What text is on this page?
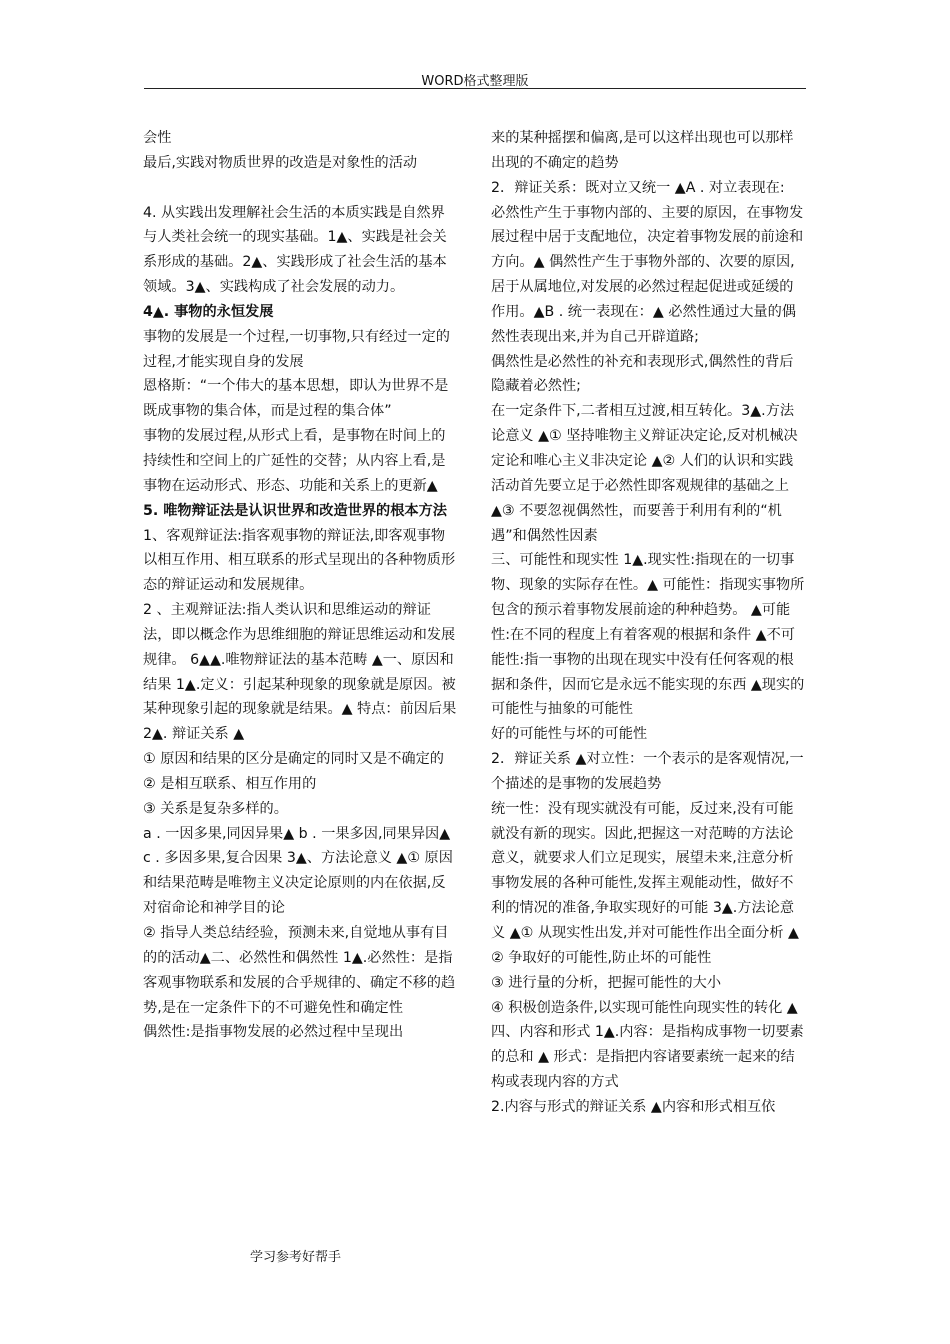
WORD格式整理版

会性

最后,实践对物质世界的改造是对象性的活动

4. 从实践出发理解社会生活的本质实践是自然界与人类社会统一的现实基础。1▲、实践是社会关系形成的基础。2▲、实践形成了社会生活的基本领域。3▲、实践构成了社会发展的动力。

4▲. 事物的永恒发展

事物的发展是一个过程,一切事物,只有经过一定的过程,才能实现自身的发展

恩格斯：“一个伟大的基本思想，即认为世界不是既成事物的集合体，而是过程的集合体”

事物的发展过程,从形式上看，是事物在时间上的持续性和空间上的广延性的交替；从内容上看,是事物在运动形式、形态、功能和关系上的更新▲

5. 唯物辩证法是认识世界和改造世界的根本方法

1、客观辩证法:指客观事物的辩证法,即客观事物以相互作用、相互联系的形式呈现出的各种物质形态的辩证运动和发展规律。

2 、主观辩证法:指人类认识和思维运动的辩证法，即以概念作为思维细胞的辩证思维运动和发展规律。 6▲▲.唯物辩证法的基本范畴 ▲一、原因和结果 1▲.定义：引起某种现象的现象就是原因。被某种现象引起的现象就是结果。▲ 特点：前因后果 2▲. 辩证关系 ▲

① 原因和结果的区分是确定的同时又是不确定的

② 是相互联系、相互作用的

③ 关系是复杂多样的。

a . 一因多果,同因异果▲ b . 一果多因,同果异因▲ c . 多因多果,复合因果 3▲、方法论意义 ▲① 原因和结果范畴是唯物主义决定论原则的内在依据,反对宿命论和神学目的论

② 指导人类总结经验，预测未来,自觉地从事有目的的活动▲二、必然性和偶然性 1▲.必然性：是指客观事物联系和发展的合乎规律的、确定不移的趋势,是在一定条件下的不可避免性和确定性

偶然性:是指事物发展的必然过程中呈现出

来的某种摇摆和偏离,是可以这样出现也可以那样出现的不确定的趋势

2．辩证关系：既对立又统一 ▲A . 对立表现在:

必然性产生于事物内部的、主要的原因，在事物发展过程中居于支配地位，决定着事物发展的前途和方向。▲ 偶然性产生于事物外部的、次要的原因,居于从属地位,对发展的必然过程起促进或延缓的作用。▲B . 统一表现在：▲ 必然性通过大量的偶然性表现出来,并为自己开辟道路;

偶然性是必然性的补充和表现形式,偶然性的背后隐藏着必然性;

在一定条件下,二者相互过渡,相互转化。3▲.方法论意义 ▲① 坚持唯物主义辩证决定论,反对机械决定论和唯心主义非决定论 ▲② 人们的认识和实践活动首先要立足于必然性即客观规律的基础之上 ▲③ 不要忽视偶然性，而要善于利用有利的“机遇”和偶然性因素

三、可能性和现实性 1▲.现实性:指现在的一切事物、现象的实际存在性。▲ 可能性：指现实事物所包含的预示着事物发展前途的种种趋势。 ▲可能性:在不同的程度上有着客观的根据和条件 ▲不可能性:指一事物的出现在现实中没有任何客观的根据和条件，因而它是永远不能实现的东西 ▲现实的可能性与抽象的可能性

好的可能性与坏的可能性

2．辩证关系 ▲对立性：一个表示的是客观情况,一个描述的是事物的发展趋势

统一性：没有现实就没有可能，反过来,没有可能就没有新的现实。因此,把握这一对范畴的方法论意义，就要求人们立足现实，展望未来,注意分析事物发展的各种可能性,发挥主观能动性，做好不利的情况的准备,争取实现好的可能 3▲.方法论意义 ▲① 从现实性出发,并对可能性作出全面分析 ▲ ② 争取好的可能性,防止坏的可能性

③ 进行量的分析，把握可能性的大小

④ 积极创造条件,以实现可能性向现实性的转化 ▲四、内容和形式 1▲.内容：是指构成事物一切要素的总和 ▲ 形式：是指把内容诸要素统一起来的结构或表现内容的方式

2.内容与形式的辩证关系 ▲内容和形式相互依

学习参考好帮手
